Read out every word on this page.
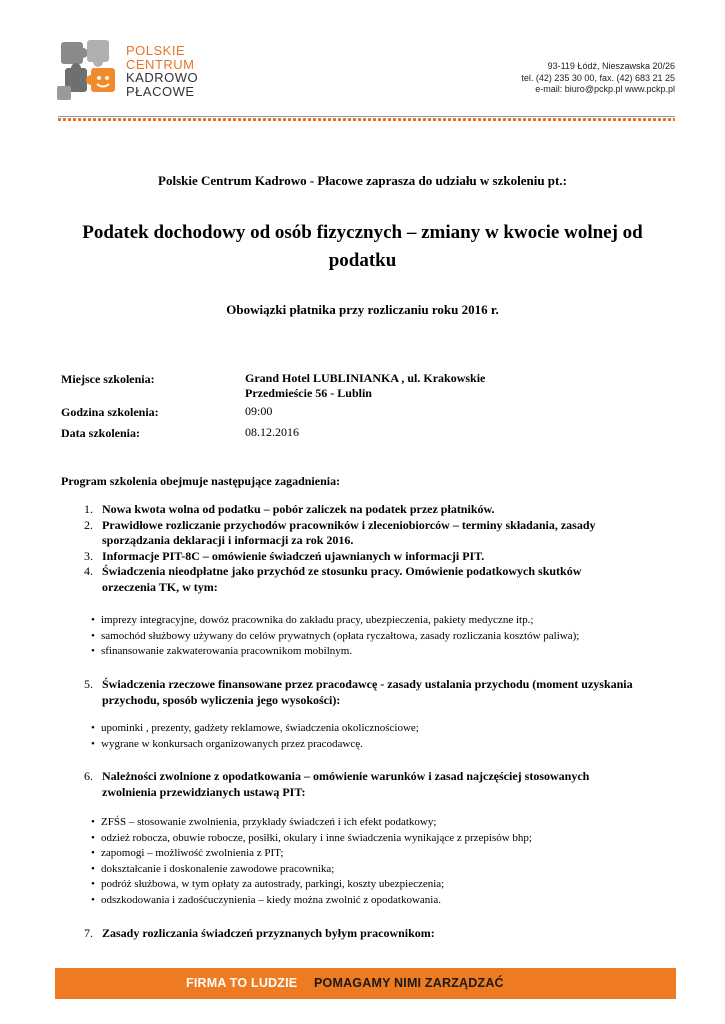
POLSKIE
CENTRUM
KADROWO
PŁACOWE
93-119 Łódź, Nieszawska 20/26
tel. (42) 235 30 00, fax. (42) 683 21 25
e-mail: biuro@pckp.pl www.pckp.pl
Polskie Centrum Kadrowo - Płacowe zaprasza do udziału w szkoleniu pt.:
Podatek dochodowy od osób fizycznych – zmiany w kwocie wolnej od
podatku
Obowiązki płatnika przy rozliczaniu roku 2016 r.
Miejsce szkolenia:	Grand Hotel LUBLINIANKA , ul. Krakowskie
Przedmieście 56 - Lublin
Godzina szkolenia:	09:00
Data szkolenia:	08.12.2016
Program szkolenia obejmuje następujące zagadnienia:
1. Nowa kwota wolna od podatku – pobór zaliczek na podatek przez płatników.
2. Prawidłowe rozliczanie przychodów pracowników i zleceniobiorców – terminy składania, zasady
sporządzania deklaracji i informacji za rok 2016.
3. Informacje PIT-8C – omówienie świadczeń ujawnianych w informacji PIT.
4. Świadczenia nieodpłatne jako przychód ze stosunku pracy. Omówienie podatkowych skutków
orzeczenia TK, w tym:
• imprezy integracyjne, dowóz pracownika do zakładu pracy, ubezpieczenia, pakiety medyczne itp.;
• samochód służbowy używany do celów prywatnych (opłata ryczałtowa, zasady rozliczania kosztów paliwa);
• sfinansowanie zakwaterowania pracownikom mobilnym.
5. Świadczenia rzeczowe finansowane przez pracodawcę - zasady ustalania przychodu (moment uzyskania
przychodu, sposób wyliczenia jego wysokości):
• upominki , prezenty, gadżety reklamowe, świadczenia okolicznościowe;
• wygrane w konkursach organizowanych przez pracodawcę.
6. Należności zwolnione z opodatkowania – omówienie warunków i zasad najczęściej stosowanych
zwolnienia przewidzianych ustawą PIT:
• ZFŚS – stosowanie zwolnienia, przykłady świadczeń i ich efekt podatkowy;
• odzież robocza, obuwie robocze, posiłki, okulary i inne świadczenia wynikające z przepisów bhp;
• zapomogi – możliwość zwolnienia z PIT;
• dokształcanie i doskonalenie zawodowe pracownika;
• podróż służbowa, w tym opłaty za autostrady, parkingi, koszty ubezpieczenia;
• odszkodowania i zadośćuczynienia – kiedy można zwolnić z opodatkowania.
7. Zasady rozliczania świadczeń przyznanych byłym pracownikom:
FIRMA TO LUDZIE POMAGAMY NIMI ZARZĄDZAĆ
